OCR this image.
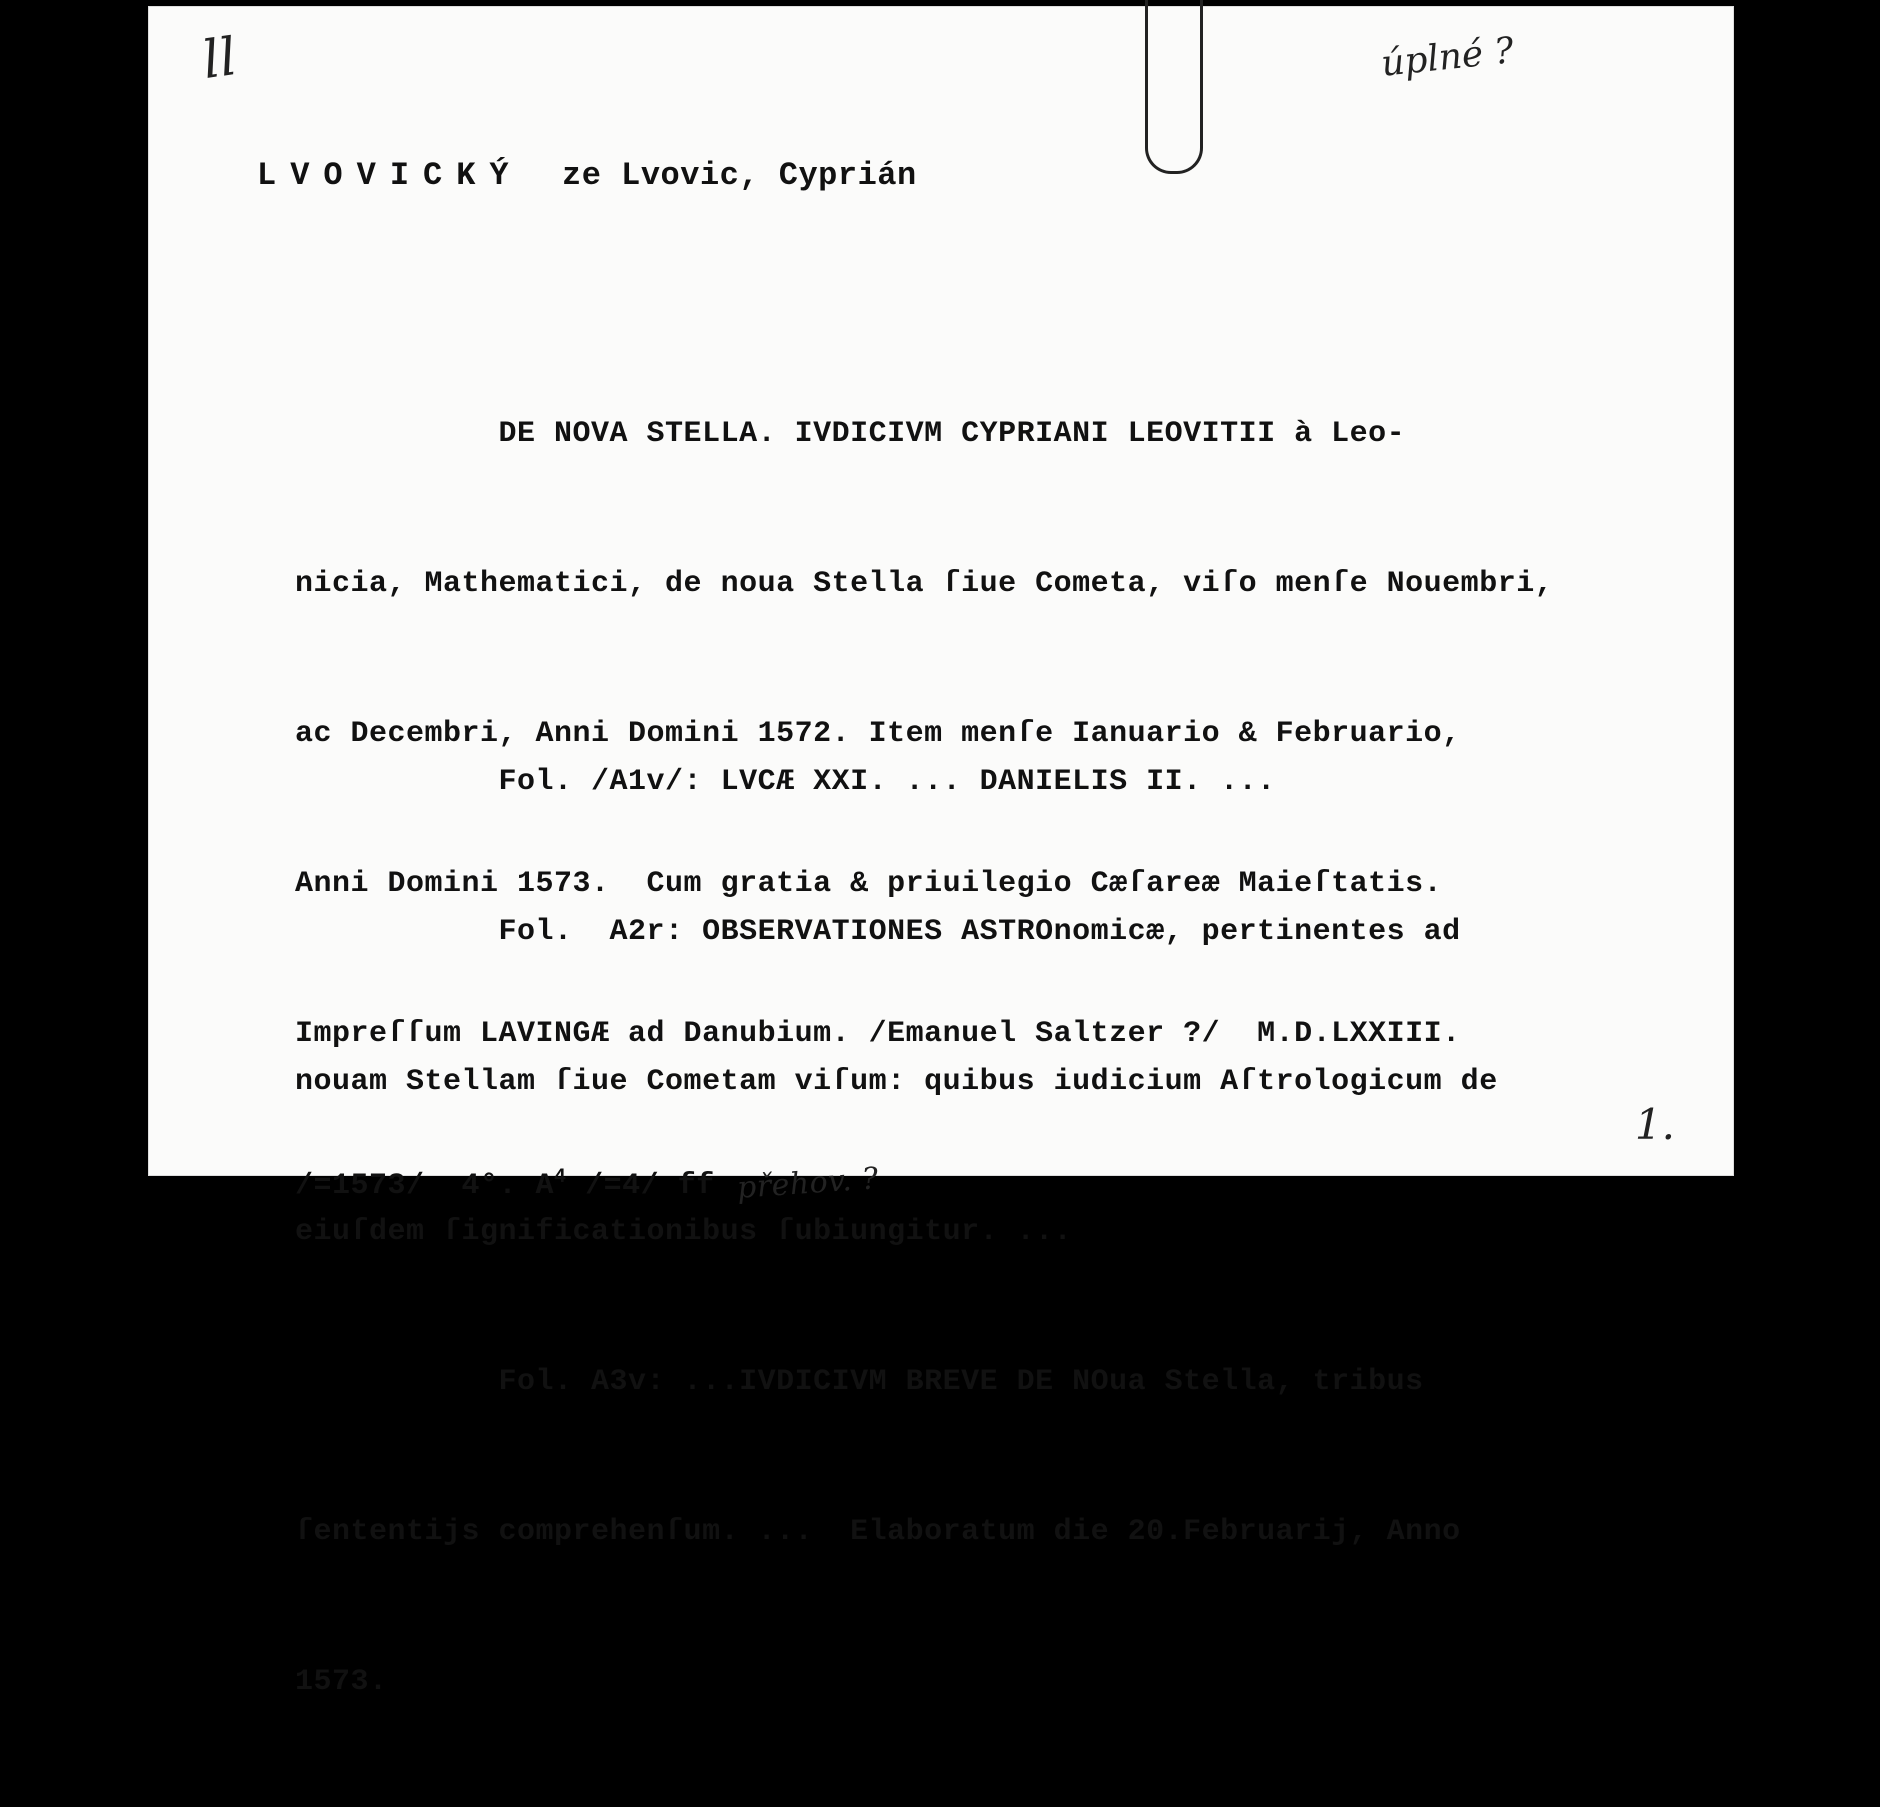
ll	úplné ?
LVOVICKÝ ze Lvovic, Cyprián

DE NOVA STELLA. IVDICIVM CYPRIANI LEOVITII à Leo-

nicia, Mathematici, de noua Stella ſiue Cometa, viſo menſe Nouembri,

ac Decembri, Anni Domini 1572. Item menſe Ianuario & Februario,

Anni Domini 1573.  Cum gratia & priuilegio Cæſareæ Maieſtatis.

Impreſſum LAVINGÆ ad Danubium. /Emanuel Saltzer ?/  M.D.LXXIII.

/=1573/  4°. $A^4$ /=4/ ff přehov. ?

Fol. /A1v/: LVCÆ XXI. ... DANIELIS II. ...

Fol.  A2r: OBSERVATIONES ASTROnomicæ, pertinentes ad

nouam Stellam ſiue Cometam viſum: quibus iudicium Aſtrologicum de

eiuſdem ſignificationibus ſubiungitur. ...

Fol. A3v: ...IVDICIVM BREVE DE NOua Stella, tribus

ſententijs comprehenſum. ...  Elaboratum die 20.Februarij, Anno

1573.

1.
